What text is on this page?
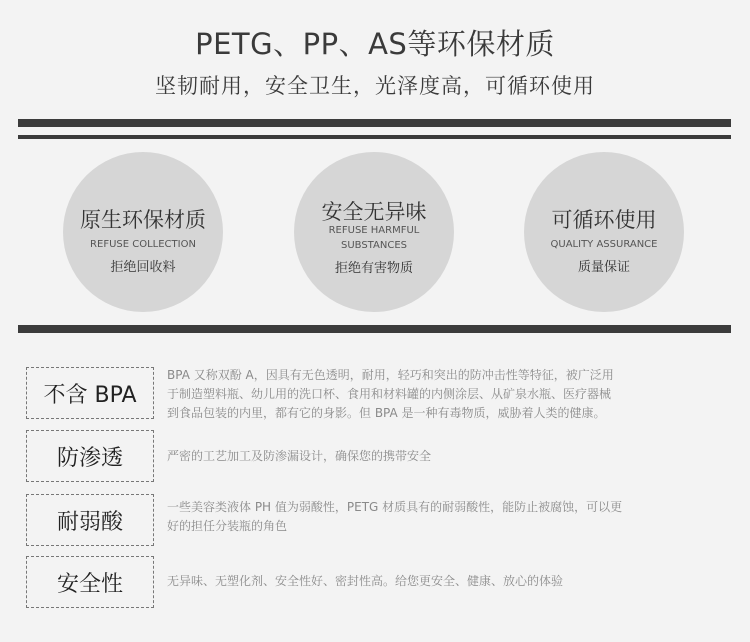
PETG、PP、AS等环保材质
坚韧耐用，安全卫生，光泽度高，可循环使用
原生环保材质
REFUSE COLLECTION
拒绝回收料
安全无异味
REFUSE HARMFUL
SUBSTANCES
拒绝有害物质
可循环使用
QUALITY ASSURANCE
质量保证
不含 BPA
BPA 又称双酚 A，因具有无色透明，耐用，轻巧和突出的防冲击性等特征，被广泛用
于制造塑料瓶、幼儿用的洗口杯、食用和材料罐的内侧涂层、从矿泉水瓶、医疗器械
到食品包装的内里，都有它的身影。但 BPA 是一种有毒物质，威胁着人类的健康。
防渗透	严密的工艺加工及防渗漏设计，确保您的携带安全
耐弱酸
一些美容类液体 PH 值为弱酸性，PETG 材质具有的耐弱酸性，能防止被腐蚀，可以更
好的担任分装瓶的角色
安全性	无异味、无塑化剂、安全性好、密封性高。给您更安全、健康、放心的体验
